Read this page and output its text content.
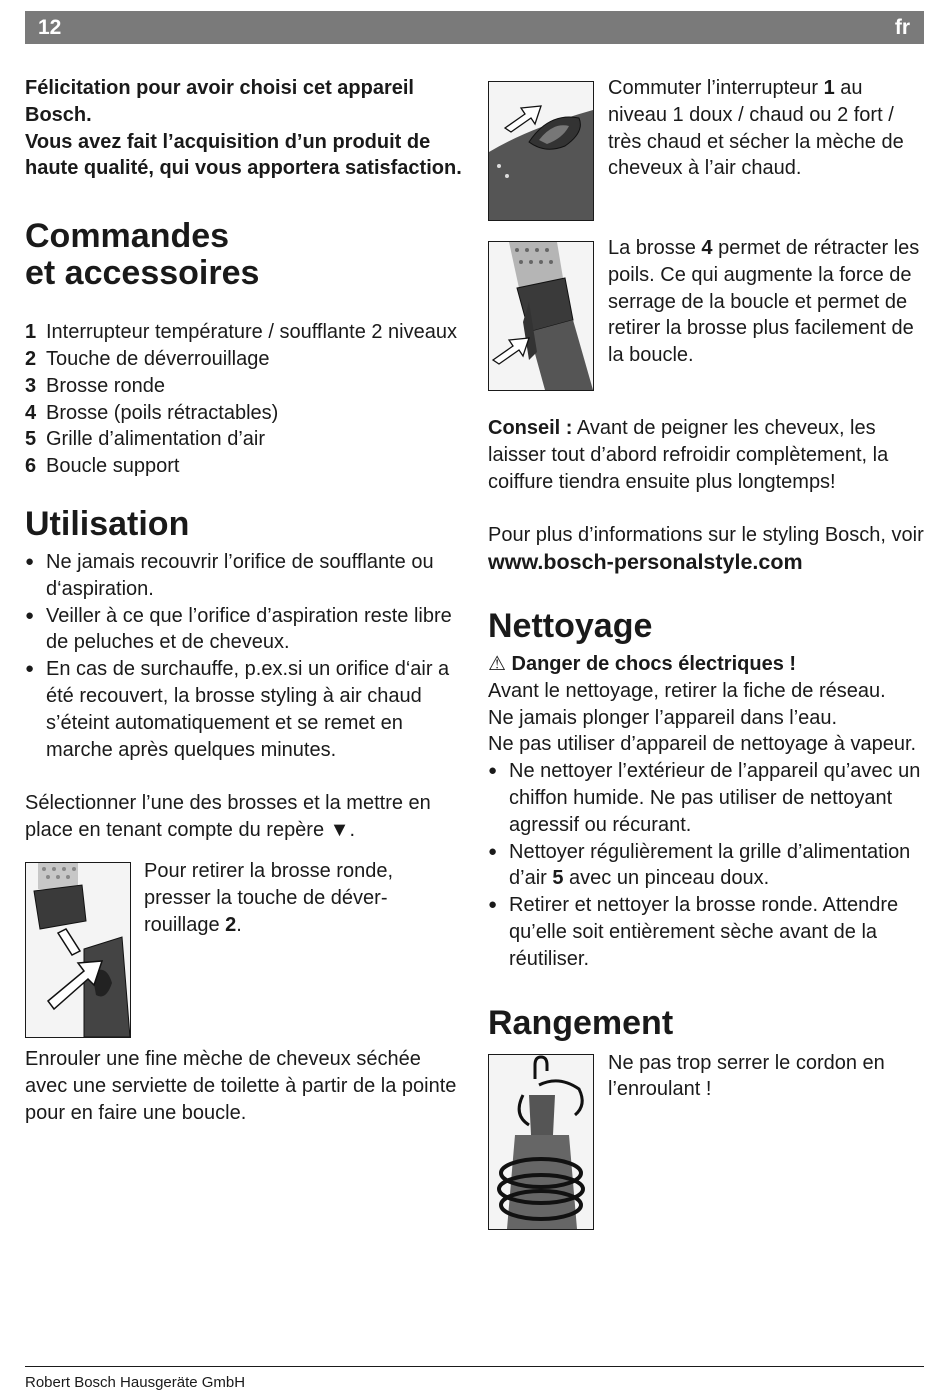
12	fr

Félicitation pour avoir choisi cet appareil Bosch.

Vous avez fait l’acquisition d’un produit de haute qualité, qui vous apportera satisfaction.

Commandes
et accessoires
1 Interrupteur température / soufflante 2 niveaux
2 Touche de déverrouillage
3 Brosse ronde
4 Brosse (poils rétractables)
5 Grille d’alimentation d’air
6 Boucle support
Utilisation
● Ne jamais recouvrir l’orifice de soufflante ou d‘aspiration.
● Veiller à ce que l’orifice d’aspiration reste libre de peluches et de cheveux.
● En cas de surchauffe, p.ex.si un orifice d‘air a été recouvert, la brosse styling à air chaud s’éteint automatiquement et se remet en marche après quelques minutes.

Sélectionner l’une des brosses et la mettre en place en tenant compte du repère ▼.

Pour retirer la brosse ronde, presser la touche de déverrouillage 2.

Enrouler une fine mèche de cheveux séchée avec une serviette de toilette à partir de la pointe pour en faire une boucle.

Commuter l’interrupteur 1 au niveau 1 doux / chaud ou 2 fort / très chaud et sécher la mèche de cheveux à l’air chaud.

La brosse 4 permet de rétracter les poils. Ce qui augmente la force de serrage de la boucle et permet de retirer la brosse plus facilement de la boucle.

Conseil : Avant de peigner les cheveux, les laisser tout d’abord refroidir complètement, la coiffure tiendra ensuite plus longtemps!

Pour plus d’informations sur le styling Bosch, voir

www.bosch-personalstyle.com

Nettoyage

⚠ Danger de chocs électriques !

Avant le nettoyage, retirer la fiche de réseau.

Ne jamais plonger l’appareil dans l’eau.

Ne pas utiliser d’appareil de nettoyage à vapeur.

● Ne nettoyer l’extérieur de l’appareil qu’avec un chiffon humide. Ne pas utiliser de nettoyant agressif ou récurant.
● Nettoyer régulièrement la grille d’alimentation d’air 5 avec un pinceau doux.
● Retirer et nettoyer la brosse ronde. Attendre qu’elle soit entièrement sèche avant de la réutiliser.
Rangement

Ne pas trop serrer le cordon en l’enroulant !

Robert Bosch Hausgeräte GmbH
